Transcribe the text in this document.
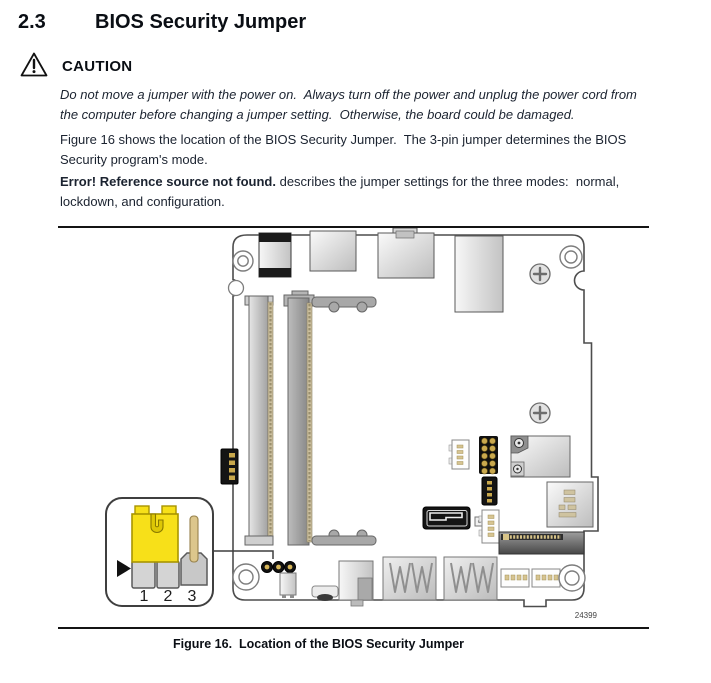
2.3 BIOS Security Jumper
CAUTION
Do not move a jumper with the power on.  Always turn off the power and unplug the power cord from the computer before changing a jumper setting.  Otherwise, the board could be damaged.
Figure 16 shows the location of the BIOS Security Jumper.  The 3-pin jumper determines the BIOS Security program's mode.
Error! Reference source not found. describes the jumper settings for the three modes:  normal, lockdown, and configuration.
1 2 3
24399
Figure 16.  Location of the BIOS Security Jumper
